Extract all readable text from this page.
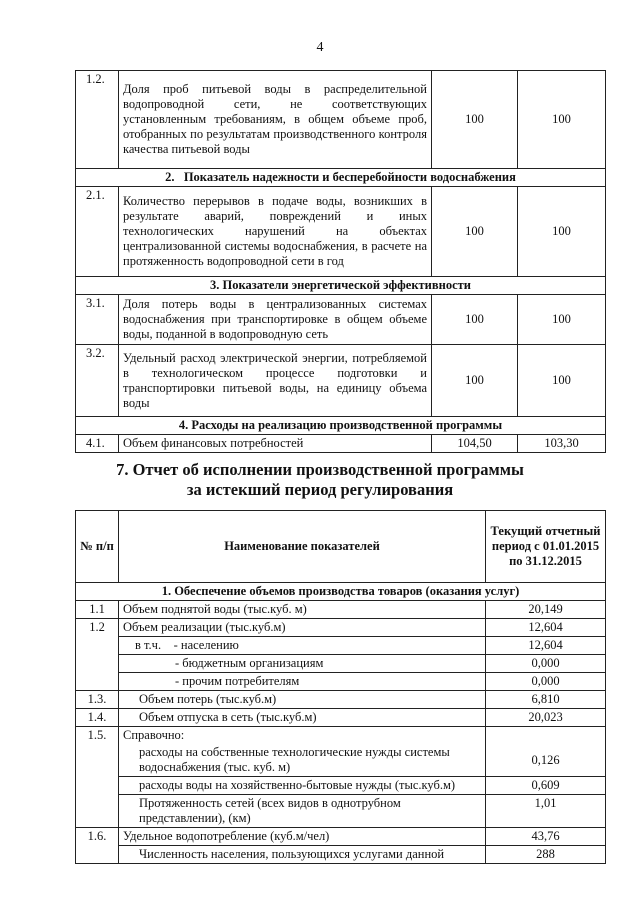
4
1.2.	Доля проб питьевой воды в распределительной водопроводной сети, не соответствующих установленным требованиям, в общем объеме проб, отобранных по результатам производственного контроля качества питьевой воды	100	100
2.   Показатель надежности и бесперебойности водоснабжения			
2.1.	Количество перерывов в подаче воды, возникших в результате аварий, повреждений и иных технологических нарушений на объектах централизованной системы водоснабжения, в расчете на протяженность водопроводной сети в год	100	100
3. Показатели энергетической эффективности			
3.1.	Доля потерь воды в централизованных системах водоснабжения при транспортировке в общем объеме воды, поданной в водопроводную сеть	100	100
3.2.	Удельный расход электрической энергии, потребляемой в технологическом процессе подготовки и транспортировки питьевой воды, на единицу объема воды	100	100
4. Расходы на реализацию производственной программы			
4.1.	Объем финансовых потребностей	104,50	103,30
7. Отчет об исполнении производственной программы
за истекший период регулирования
№ п/п	Наименование показателей	Текущий отчетный период с 01.01.2015 по 31.12.2015
1. Обеспечение объемов производства товаров (оказания услуг)		
1.1	Объем поднятой воды (тыс.куб. м)	20,149
1.2	Объем реализации (тыс.куб.м)	12,604
	в т.ч.    - населению	12,604
	- бюджетным организациям	0,000
	- прочим потребителям	0,000
1.3.	Объем потерь (тыс.куб.м)	6,810
1.4.	Объем отпуска в сеть (тыс.куб.м)	20,023
1.5.	Справочно:	
	расходы на собственные технологические нужды системы водоснабжения (тыс. куб. м)	0,126
	расходы воды на хозяйственно-бытовые нужды (тыс.куб.м)	0,609
	Протяженность сетей (всех видов в однотрубном представлении), (км)	1,01
1.6.	Удельное водопотребление (куб.м/чел)	43,76
	Численность населения, пользующихся услугами данной	288
